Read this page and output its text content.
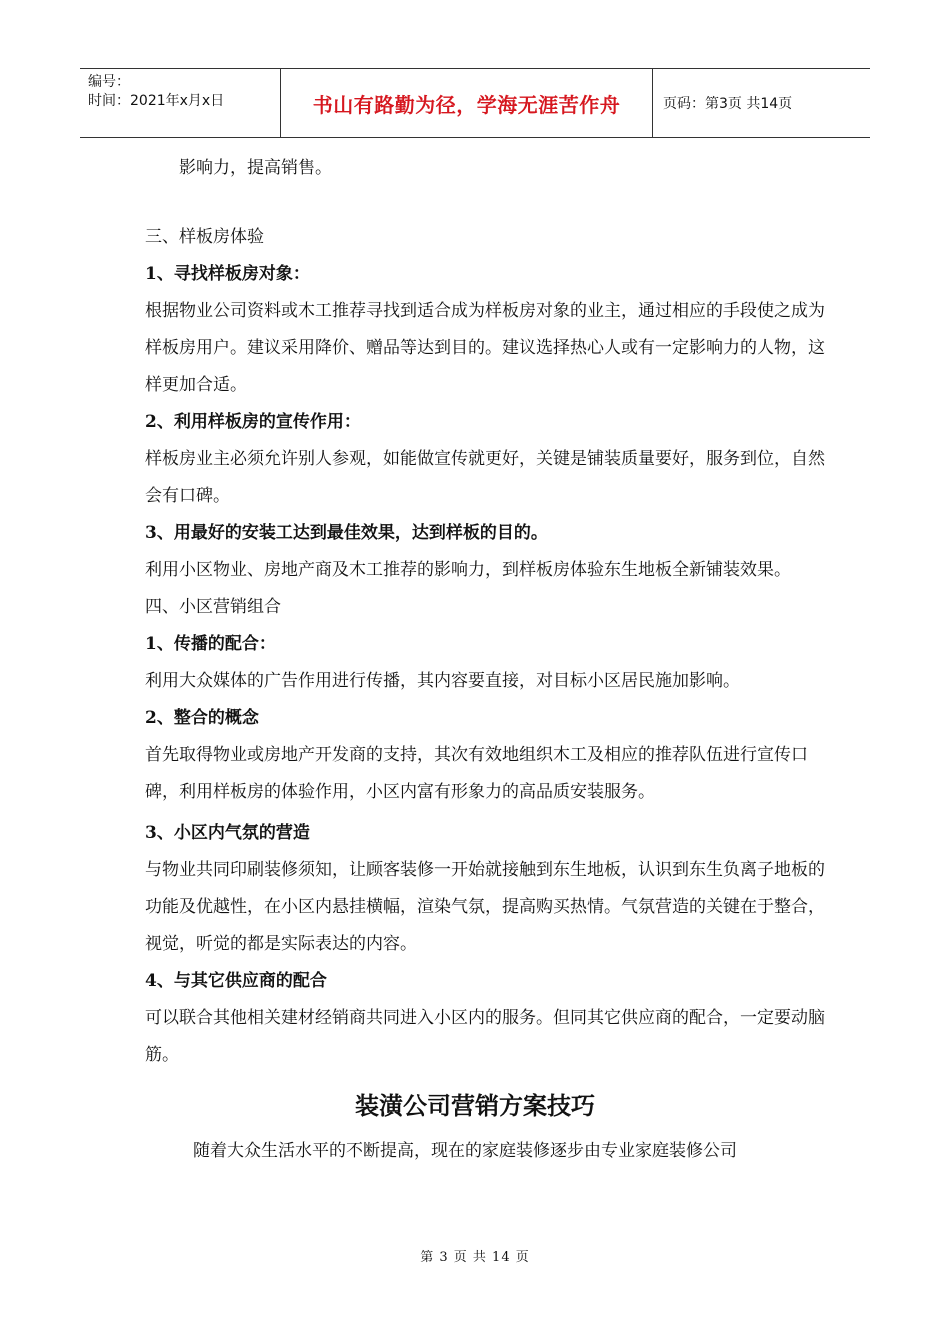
编号：
时间：2021年x月x日	书山有路勤为径，学海无涯苦作舟	页码：第3页 共14页

影响力，提高销售。

三、样板房体验

1、寻找样板房对象：

根据物业公司资料或木工推荐寻找到适合成为样板房对象的业主，通过相应的手段使之成为样板房用户。建议采用降价、赠品等达到目的。建议选择热心人或有一定影响力的人物，这样更加合适。

2、利用样板房的宣传作用：

样板房业主必须允许别人参观，如能做宣传就更好，关键是铺装质量要好，服务到位，自然会有口碑。

3、用最好的安装工达到最佳效果，达到样板的目的。

利用小区物业、房地产商及木工推荐的影响力，到样板房体验东生地板全新铺装效果。

四、小区营销组合

1、传播的配合：

利用大众媒体的广告作用进行传播，其内容要直接，对目标小区居民施加影响。

2、整合的概念

首先取得物业或房地产开发商的支持，其次有效地组织木工及相应的推荐队伍进行宣传口碑，利用样板房的体验作用，小区内富有形象力的高品质安装服务。

3、小区内气氛的营造

与物业共同印刷装修须知，让顾客装修一开始就接触到东生地板，认识到东生负离子地板的功能及优越性，在小区内悬挂横幅，渲染气氛，提高购买热情。气氛营造的关键在于整合，视觉，听觉的都是实际表达的内容。

4、与其它供应商的配合

可以联合其他相关建材经销商共同进入小区内的服务。但同其它供应商的配合，一定要动脑筋。

装潢公司营销方案技巧

随着大众生活水平的不断提高，现在的家庭装修逐步由专业家庭装修公司

第 3 页 共 14 页
